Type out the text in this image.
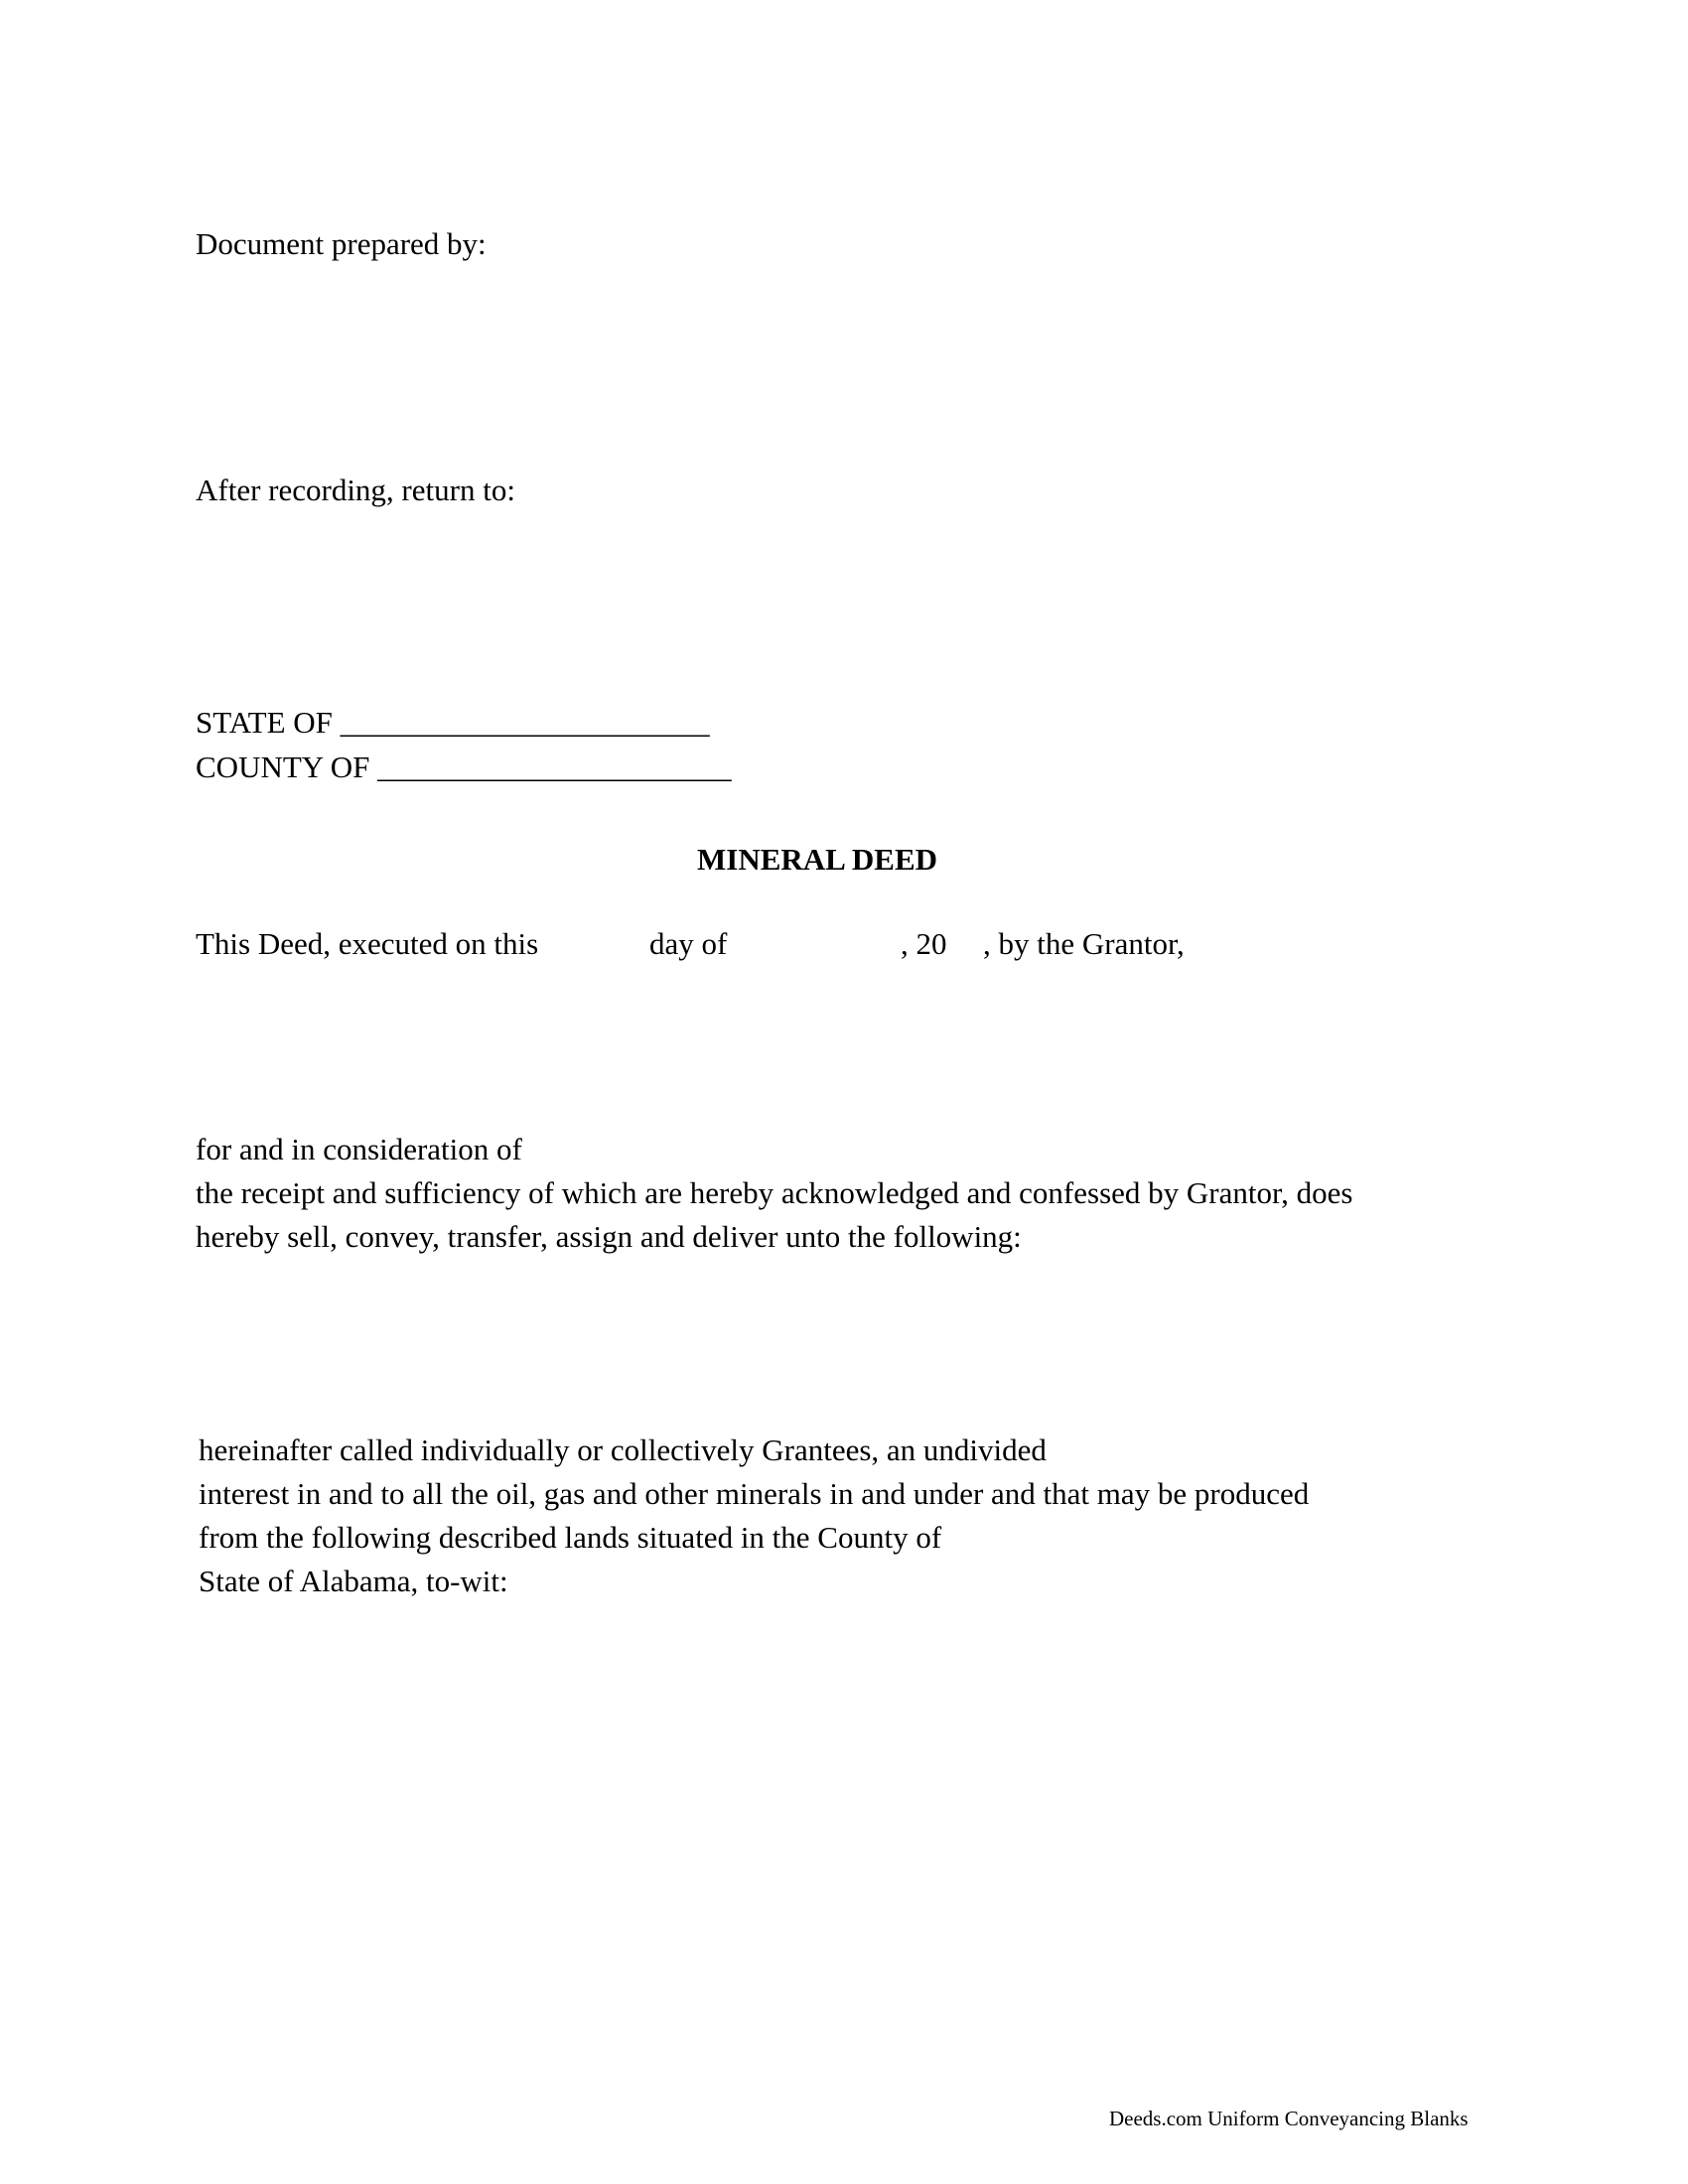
Document prepared by:
After recording, return to:
STATE OF ________________________
COUNTY OF _______________________
MINERAL DEED
This Deed, executed on this	day of	, 20 , by the Grantor,
for and in consideration of
the receipt and sufficiency of which are hereby acknowledged and confessed by Grantor, does
hereby sell, convey, transfer, assign and deliver unto the following:
hereinafter called individually or collectively Grantees, an undivided
interest in and to all the oil, gas and other minerals in and under and that may be produced
from the following described lands situated in the County of
State of Alabama, to-wit:
Deeds.com Uniform Conveyancing Blanks
